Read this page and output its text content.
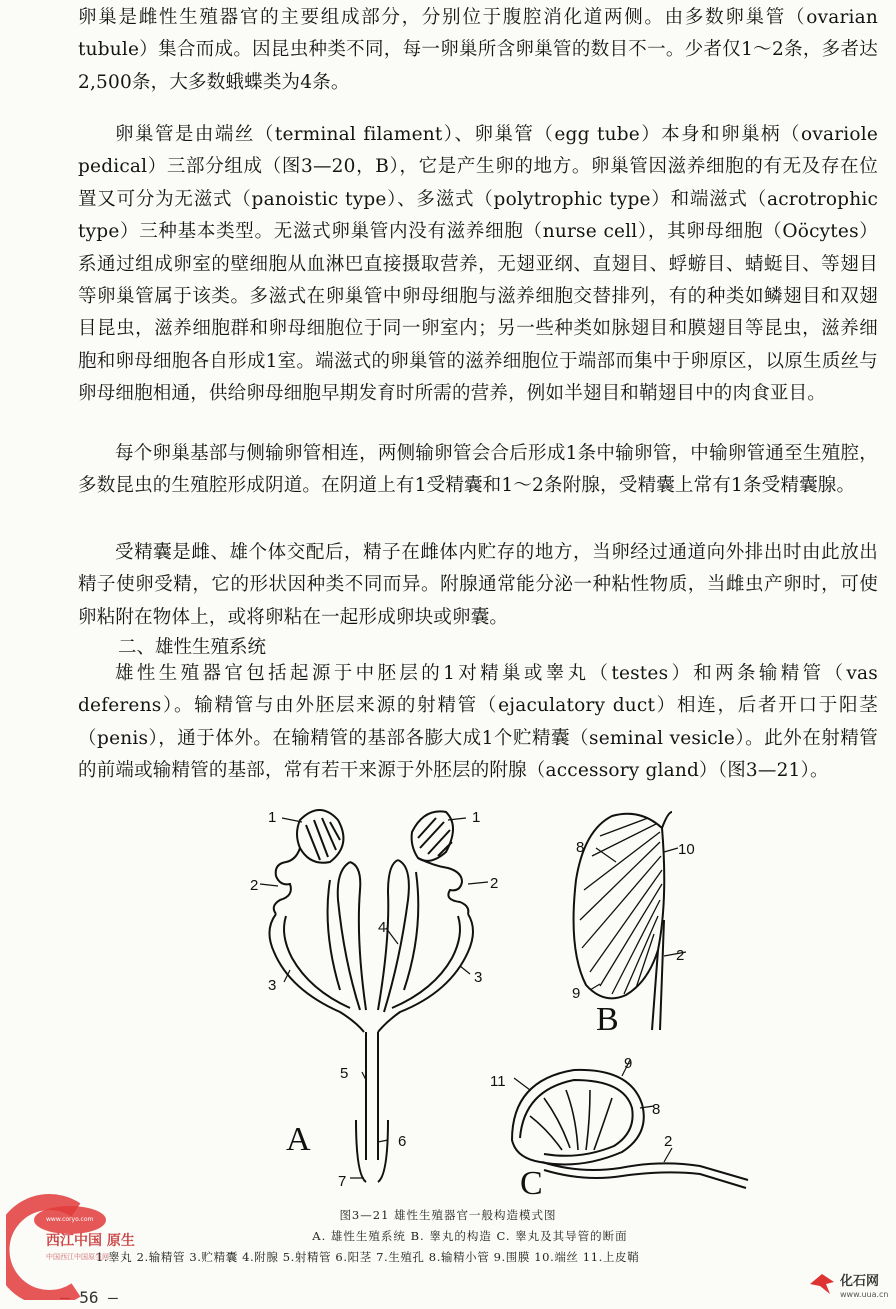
卵巢是雌性生殖器官的主要组成部分，分别位于腹腔消化道两侧。由多数卵巢管（ovarian tubule）集合而成。因昆虫种类不同，每一卵巢所含卵巢管的数目不一。少者仅1～2条，多者达2,500条，大多数蛾蝶类为4条。

卵巢管是由端丝（terminal filament）、卵巢管（egg tube）本身和卵巢柄（ovariole pedical）三部分组成（图3—20，B），它是产生卵的地方。卵巢管因滋养细胞的有无及存在位置又可分为无滋式（panoistic type）、多滋式（polytrophic type）和端滋式（acrotrophic type）三种基本类型。无滋式卵巢管内没有滋养细胞（nurse cell），其卵母细胞（Oöcytes）系通过组成卵室的壁细胞从血淋巴直接摄取营养，无翅亚纲、直翅目、蜉蝣目、蜻蜓目、等翅目等卵巢管属于该类。多滋式在卵巢管中卵母细胞与滋养细胞交替排列，有的种类如鳞翅目和双翅目昆虫，滋养细胞群和卵母细胞位于同一卵室内；另一些种类如脉翅目和膜翅目等昆虫，滋养细胞和卵母细胞各自形成1室。端滋式的卵巢管的滋养细胞位于端部而集中于卵原区，以原生质丝与卵母细胞相通，供给卵母细胞早期发育时所需的营养，例如半翅目和鞘翅目中的肉食亚目。

每个卵巢基部与侧输卵管相连，两侧输卵管会合后形成1条中输卵管，中输卵管通至生殖腔，多数昆虫的生殖腔形成阴道。在阴道上有1受精囊和1～2条附腺，受精囊上常有1条受精囊腺。

受精囊是雌、雄个体交配后，精子在雌体内贮存的地方，当卵经过通道向外排出时由此放出精子使卵受精，它的形状因种类不同而异。附腺通常能分泌一种粘性物质，当雌虫产卵时，可使卵粘附在物体上，或将卵粘在一起形成卵块或卵囊。

二、雄性生殖系统

雄性生殖器官包括起源于中胚层的1对精巢或睾丸（testes）和两条输精管（vas deferens）。输精管与由外胚层来源的射精管（ejaculatory duct）相连，后者开口于阳茎（penis），通于体外。在输精管的基部各膨大成1个贮精囊（seminal vesicle）。此外在射精管的前端或输精管的基部，常有若干来源于外胚层的附腺（accessory gland）（图3—21）。

1	1
2	2
3	3
4
5
6
7
8	10
2
9
9
11
8
2
A
B
C
图3—21 雄性生殖器官一般构造模式图
A. 雄性生殖系统 B. 睾丸的构造 C. 睾丸及其导管的断面
1.睾丸 2.输精管 3.贮精囊 4.附腺 5.射精管 6.阳茎 7.生殖孔 8.输精小管 9.围膜 10.端丝 11.上皮鞘
— 56 —
www.coryo.com
西江中国 原生
中国西江中国原生网
化石网
www.uua.cn
